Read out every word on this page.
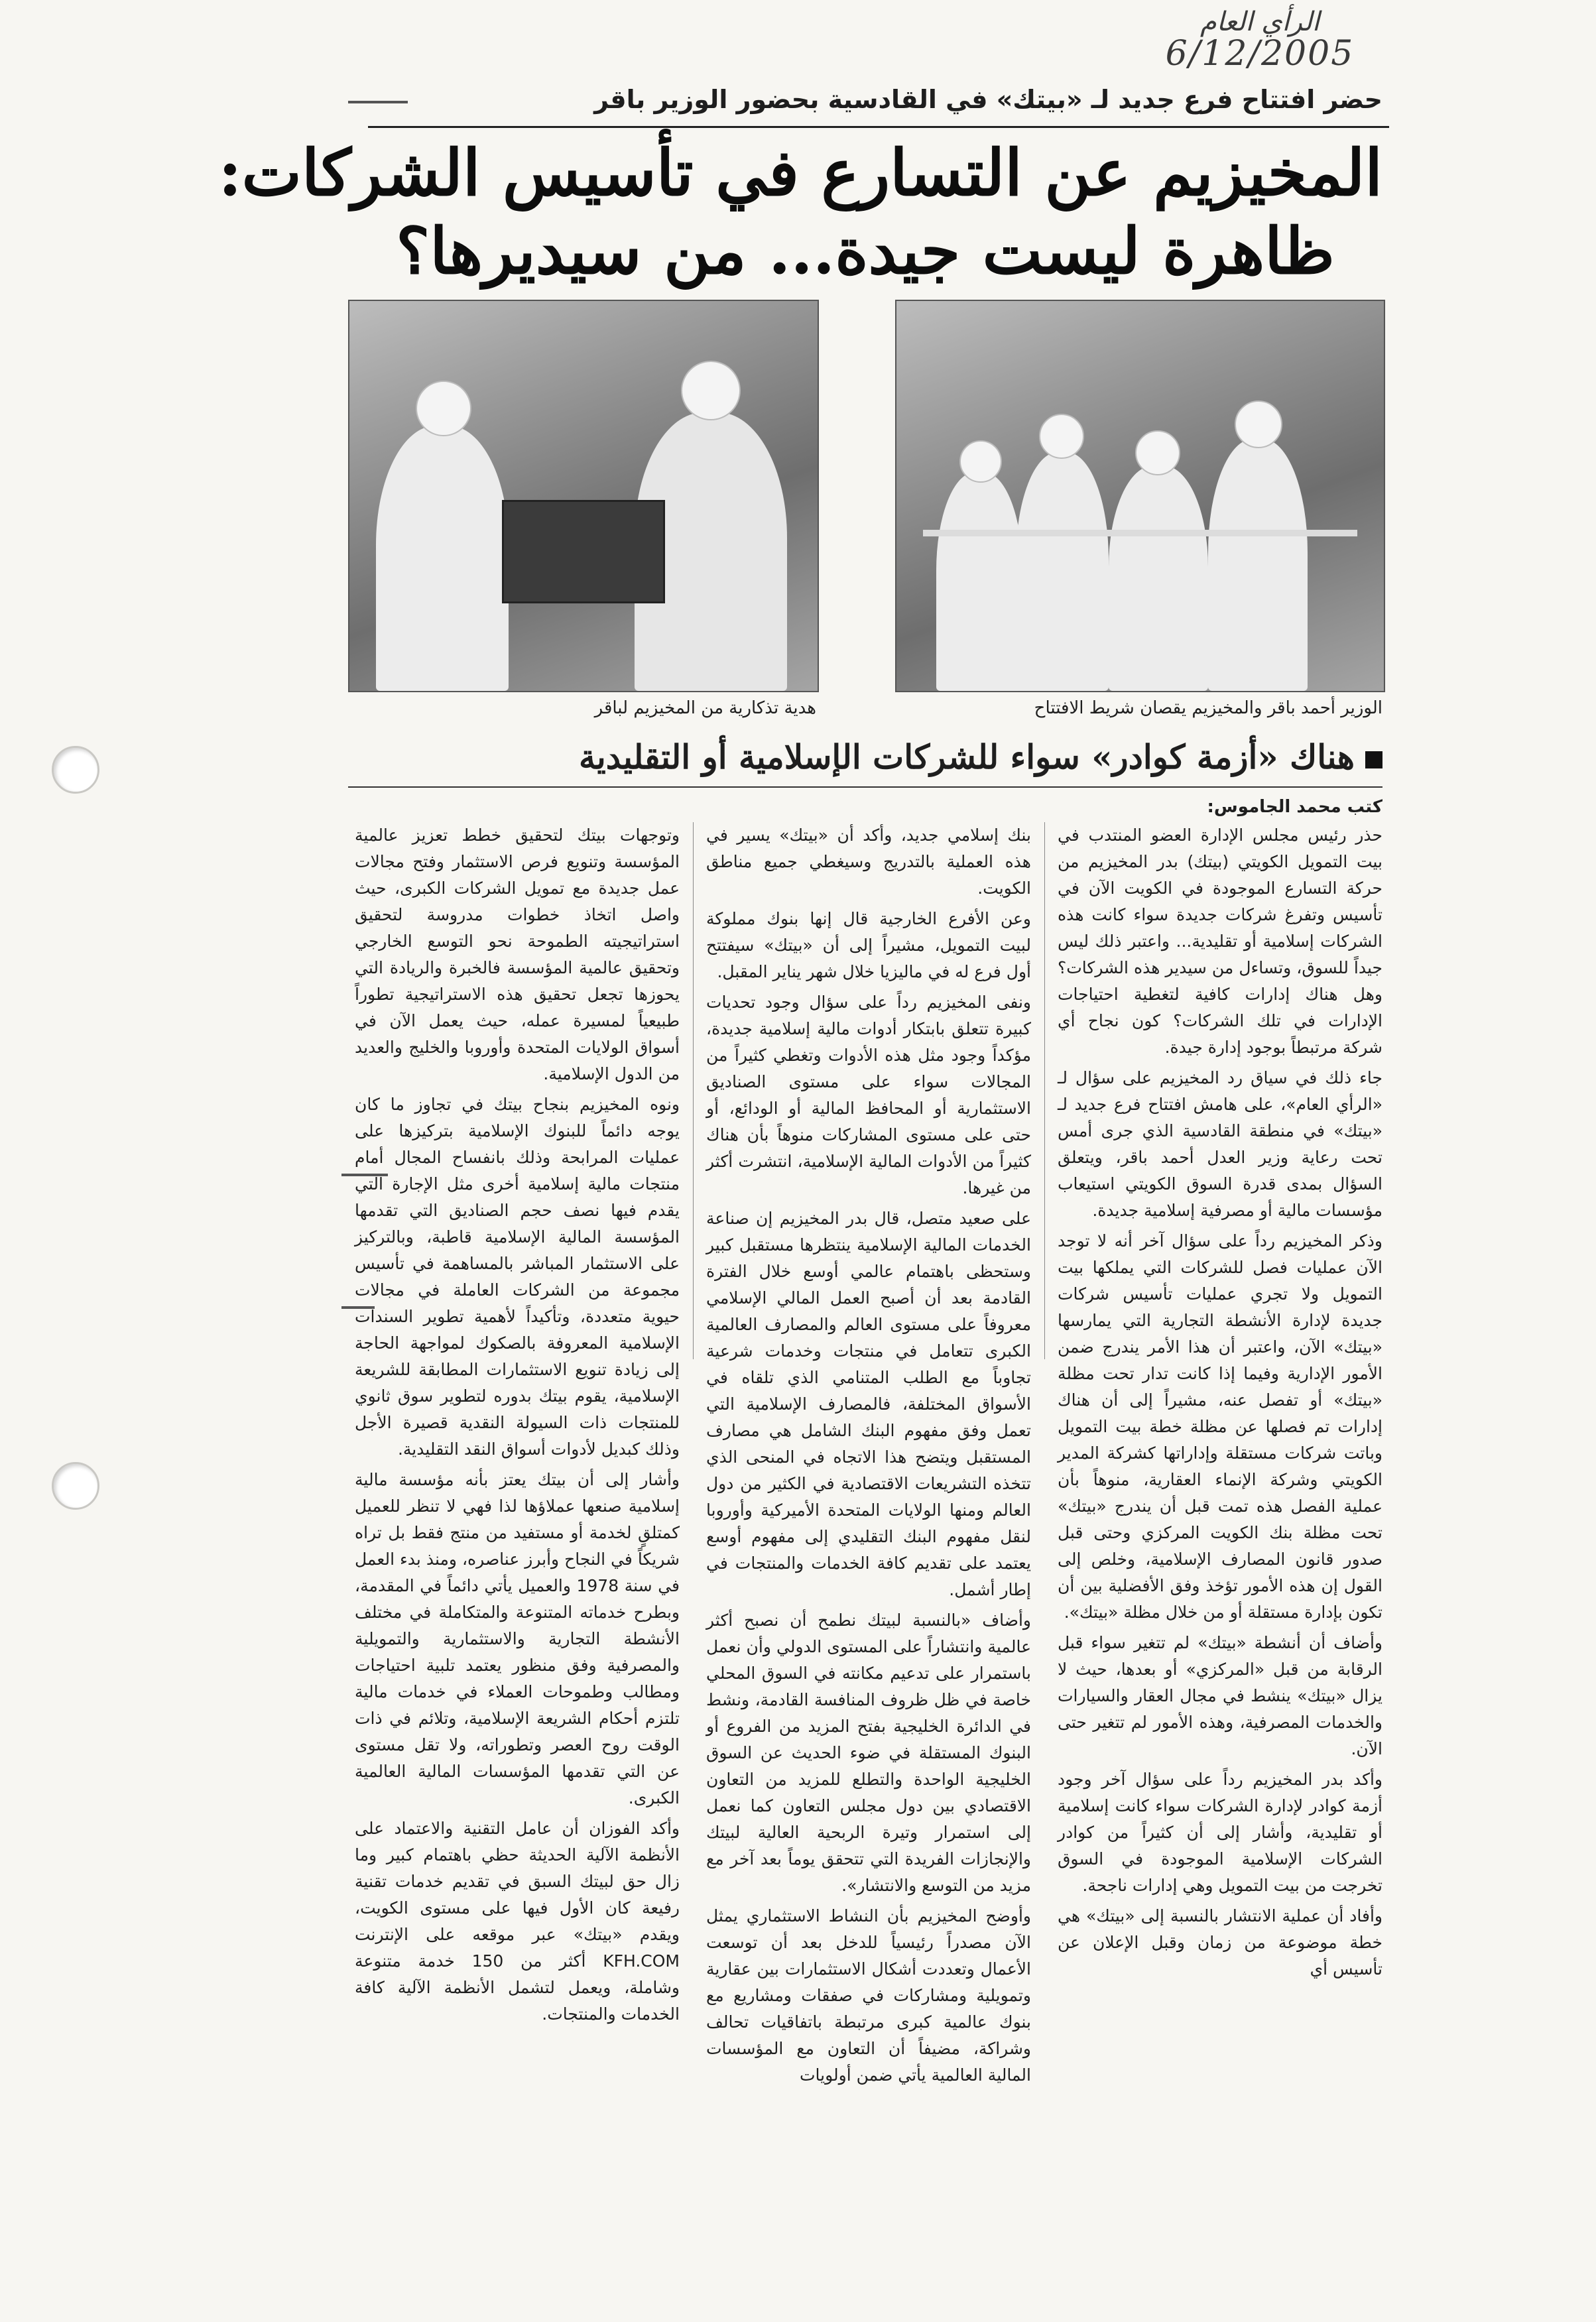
الرأي العام
6/12/2005
حضر افتتاح فرع جديد لـ «بيتك» في القادسية بحضور الوزير باقر
المخيزيم عن التسارع في تأسيس الشركات:
ظاهرة ليست جيدة... من سيديرها؟
الوزير أحمد باقر والمخيزيم يقصان شريط الافتتاح
هدية تذكارية من المخيزيم لباقر
هناك «أزمة كوادر» سواء للشركات الإسلامية أو التقليدية
كتب محمد الجاموس:

حذر رئيس مجلس الإدارة العضو المنتدب في بيت التمويل الكويتي (بيتك) بدر المخيزيم من حركة التسارع الموجودة في الكويت الآن في تأسيس وتفرغ شركات جديدة سواء كانت هذه الشركات إسلامية أو تقليدية... واعتبر ذلك ليس جيداً للسوق، وتساءل من سيدير هذه الشركات؟ وهل هناك إدارات كافية لتغطية احتياجات الإدارات في تلك الشركات؟ كون نجاح أي شركة مرتبطاً بوجود إدارة جيدة.

جاء ذلك في سياق رد المخيزيم على سؤال لـ «الرأي العام»، على هامش افتتاح فرع جديد لـ «بيتك» في منطقة القادسية الذي جرى أمس تحت رعاية وزير العدل أحمد باقر، ويتعلق السؤال بمدى قدرة السوق الكويتي استيعاب مؤسسات مالية أو مصرفية إسلامية جديدة.

وذكر المخيزيم رداً على سؤال آخر أنه لا توجد الآن عمليات فصل للشركات التي يملكها بيت التمويل ولا تجري عمليات تأسيس شركات جديدة لإدارة الأنشطة التجارية التي يمارسها «بيتك» الآن، واعتبر أن هذا الأمر يندرج ضمن الأمور الإدارية وفيما إذا كانت تدار تحت مظلة «بيتك» أو تفصل عنه، مشيراً إلى أن هناك إدارات تم فصلها عن مظلة خطة بيت التمويل وباتت شركات مستقلة وإداراتها كشركة المدير الكويتي وشركة الإنماء العقارية، منوهاً بأن عملية الفصل هذه تمت قبل أن يندرج «بيتك» تحت مظلة بنك الكويت المركزي وحتى قبل صدور قانون المصارف الإسلامية، وخلص إلى القول إن هذه الأمور تؤخذ وفق الأفضلية بين أن تكون بإدارة مستقلة أو من خلال مظلة «بيتك».

وأضاف أن أنشطة «بيتك» لم تتغير سواء قبل الرقابة من قبل «المركزي» أو بعدها، حيث لا يزال «بيتك» ينشط في مجال العقار والسيارات والخدمات المصرفية، وهذه الأمور لم تتغير حتى الآن.

وأكد بدر المخيزيم رداً على سؤال آخر وجود أزمة كوادر لإدارة الشركات سواء كانت إسلامية أو تقليدية، وأشار إلى أن كثيراً من كوادر الشركات الإسلامية الموجودة في السوق تخرجت من بيت التمويل وهي إدارات ناجحة.

وأفاد أن عملية الانتشار بالنسبة إلى «بيتك» هي خطة موضوعة من زمان وقبل الإعلان عن تأسيس أي

بنك إسلامي جديد، وأكد أن «بيتك» يسير في هذه العملية بالتدريج وسيغطي جميع مناطق الكويت.

وعن الأفرع الخارجية قال إنها بنوك مملوكة لبيت التمويل، مشيراً إلى أن «بيتك» سيفتتح أول فرع له في ماليزيا خلال شهر يناير المقبل.

ونفى المخيزيم رداً على سؤال وجود تحديات كبيرة تتعلق بابتكار أدوات مالية إسلامية جديدة، مؤكداً وجود مثل هذه الأدوات وتغطي كثيراً من المجالات سواء على مستوى الصناديق الاستثمارية أو المحافظ المالية أو الودائع، أو حتى على مستوى المشاركات منوهاً بأن هناك كثيراً من الأدوات المالية الإسلامية، انتشرت أكثر من غيرها.

على صعيد متصل، قال بدر المخيزيم إن صناعة الخدمات المالية الإسلامية ينتظرها مستقبل كبير وستحظى باهتمام عالمي أوسع خلال الفترة القادمة بعد أن أصبح العمل المالي الإسلامي معروفاً على مستوى العالم والمصارف العالمية الكبرى تتعامل في منتجات وخدمات شرعية تجاوباً مع الطلب المتنامي الذي تلقاه في الأسواق المختلفة، فالمصارف الإسلامية التي تعمل وفق مفهوم البنك الشامل هي مصارف المستقبل ويتضح هذا الاتجاه في المنحى الذي تتخذه التشريعات الاقتصادية في الكثير من دول العالم ومنها الولايات المتحدة الأميركية وأوروبا لنقل مفهوم البنك التقليدي إلى مفهوم أوسع يعتمد على تقديم كافة الخدمات والمنتجات في إطار أشمل.

وأضاف «بالنسبة لبيتك نطمح أن نصبح أكثر عالمية وانتشاراً على المستوى الدولي وأن نعمل باستمرار على تدعيم مكانته في السوق المحلي خاصة في ظل ظروف المنافسة القادمة، ونشط في الدائرة الخليجية بفتح المزيد من الفروع أو البنوك المستقلة في ضوء الحديث عن السوق الخليجية الواحدة والتطلع للمزيد من التعاون الاقتصادي بين دول مجلس التعاون كما نعمل إلى استمرار وتيرة الربحية العالية لبيتك والإنجازات الفريدة التي تتحقق يوماً بعد آخر مع مزيد من التوسع والانتشار».

وأوضح المخيزيم بأن النشاط الاستثماري يمثل الآن مصدراً رئيسياً للدخل بعد أن توسعت الأعمال وتعددت أشكال الاستثمارات بين عقارية وتمويلية ومشاركات في صفقات ومشاريع مع بنوك عالمية كبرى مرتبطة باتفاقيات تحالف وشراكة، مضيفاً أن التعاون مع المؤسسات المالية العالمية يأتي ضمن أولويات

وتوجهات بيتك لتحقيق خطط تعزيز عالمية المؤسسة وتنويع فرص الاستثمار وفتح مجالات عمل جديدة مع تمويل الشركات الكبرى، حيث واصل اتخاذ خطوات مدروسة لتحقيق استراتيجيته الطموحة نحو التوسع الخارجي وتحقيق عالمية المؤسسة فالخبرة والريادة التي يحوزها تجعل تحقيق هذه الاستراتيجية تطوراً طبيعياً لمسيرة عمله، حيث يعمل الآن في أسواق الولايات المتحدة وأوروبا والخليج والعديد من الدول الإسلامية.

ونوه المخيزيم بنجاح بيتك في تجاوز ما كان يوجه دائماً للبنوك الإسلامية بتركيزها على عمليات المرابحة وذلك بانفساح المجال أمام منتجات مالية إسلامية أخرى مثل الإجارة التي يقدم فيها نصف حجم الصناديق التي تقدمها المؤسسة المالية الإسلامية قاطبة، وبالتركيز على الاستثمار المباشر بالمساهمة في تأسيس مجموعة من الشركات العاملة في مجالات حيوية متعددة، وتأكيداً لأهمية تطوير السندات الإسلامية المعروفة بالصكوك لمواجهة الحاجة إلى زيادة تنويع الاستثمارات المطابقة للشريعة الإسلامية، يقوم بيتك بدوره لتطوير سوق ثانوي للمنتجات ذات السيولة النقدية قصيرة الأجل وذلك كبديل لأدوات أسواق النقد التقليدية.

وأشار إلى أن بيتك يعتز بأنه مؤسسة مالية إسلامية صنعها عملاؤها لذا فهي لا تنظر للعميل كمتلقٍ لخدمة أو مستفيد من منتج فقط بل تراه شريكاً في النجاح وأبرز عناصره، ومنذ بدء العمل في سنة 1978 والعميل يأتي دائماً في المقدمة، وبطرح خدماته المتنوعة والمتكاملة في مختلف الأنشطة التجارية والاستثمارية والتمويلية والمصرفية وفق منظور يعتمد تلبية احتياجات ومطالب وطموحات العملاء في خدمات مالية تلتزم أحكام الشريعة الإسلامية، وتلائم في ذات الوقت روح العصر وتطوراته، ولا تقل مستوى عن التي تقدمها المؤسسات المالية العالمية الكبرى.

وأكد الفوزان أن عامل التقنية والاعتماد على الأنظمة الآلية الحديثة حظي باهتمام كبير وما زال حق لبيتك السبق في تقديم خدمات تقنية رفيعة كان الأول فيها على مستوى الكويت، ويقدم «بيتك» عبر موقعه على الإنترنت KFH.COM أكثر من 150 خدمة متنوعة وشاملة، ويعمل لتشمل الأنظمة الآلية كافة الخدمات والمنتجات.
